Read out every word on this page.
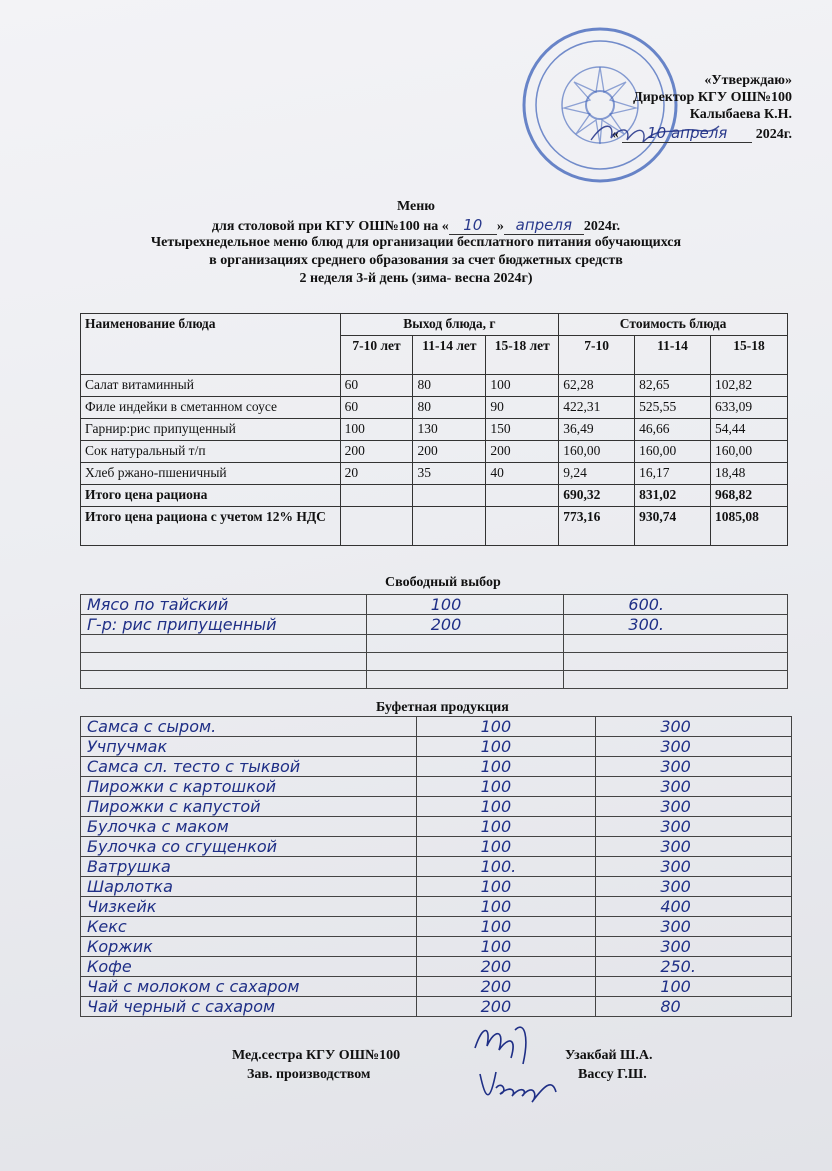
«Утверждаю»
Директор КГУ ОШ№100
Калыбаева К.Н.
« 10 апреля 2024г.
Меню
для столовой при КГУ ОШ№100 на « 10 » апреля 2024г.
Четырехнедельное меню блюд для организации бесплатного питания обучающихся
в организациях среднего образования за счет бюджетных средств
2 неделя 3-й день (зима- весна 2024г)
Наименование блюда	Выход блюда, г			Стоимость блюда		
	7-10 лет	11-14 лет	15-18 лет	7-10	11-14	15-18
Салат витаминный	60	80	100	62,28	82,65	102,82
Филе индейки в сметанном соусе	60	80	90	422,31	525,55	633,09
Гарнир:рис припущенный	100	130	150	36,49	46,66	54,44
Сок натуральный т/п	200	200	200	160,00	160,00	160,00
Хлеб ржано-пшеничный	20	35	40	9,24	16,17	18,48
Итого цена рациона				690,32	831,02	968,82
Итого цена рациона с учетом 12% НДС				773,16	930,74	1085,08
Свободный выбор
Мясо по тайский	100	600.
Г-р: рис припущенный	200	300.

Буфетная продукция
Самса с сыром.	100	300
Учпучмак	100	300
Самса сл. тесто с тыквой	100	300
Пирожки с картошкой	100	300
Пирожки с капустой	100	300
Булочка с маком	100	300
Булочка со сгущенкой	100	300
Ватрушка	100.	300
Шарлотка	100	300
Чизкейк	100	400
Кекс	100	300
Коржик	100	300
Кофе	200	250.
Чай с молоком с сахаром	200	100
Чай черный с сахаром	200	80
Мед.сестра КГУ ОШ№100	Узакбай Ш.А.
Зав. производством	Вассу Г.Ш.
